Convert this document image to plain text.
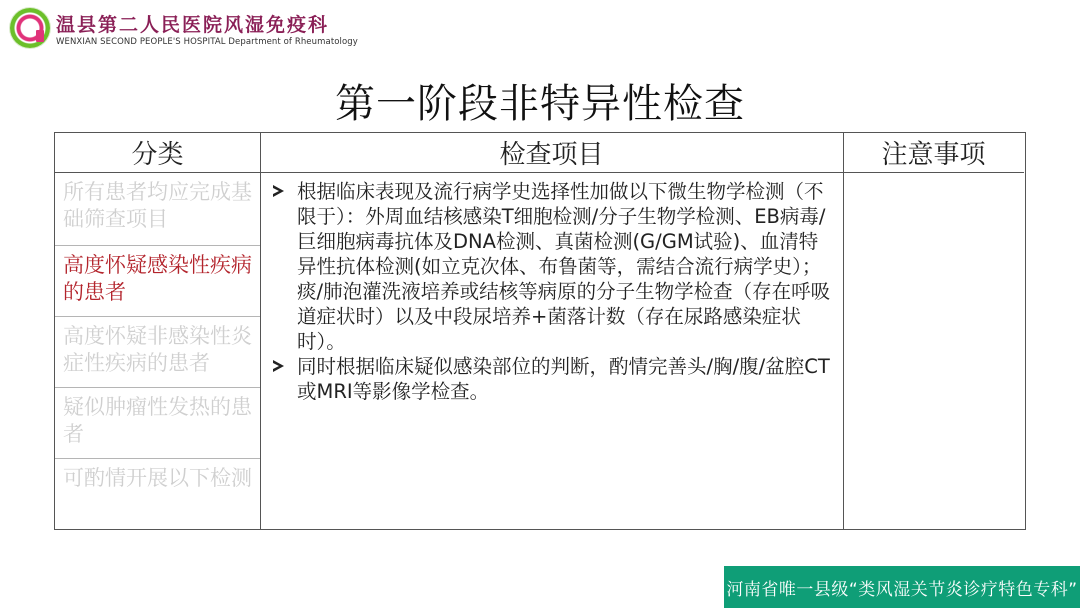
温县第二人民医院风湿免疫科
WENXIAN SECOND PEOPLE'S HOSPITAL Department of Rheumatology
第一阶段非特异性检查
分类	检查项目	注意事项
所有患者均应完成基础筛查项目
高度怀疑感染性疾病的患者
高度怀疑非感染性炎症性疾病的患者
疑似肿瘤性发热的患者
可酌情开展以下检测
根据临床表现及流行病学史选择性加做以下微生物学检测（不限于）：外周血结核感染T细胞检测/分子生物学检测、EB病毒/巨细胞病毒抗体及DNA检测、真菌检测(G/GM试验)、血清特异性抗体检测(如立克次体、布鲁菌等，需结合流行病学史）；痰/肺泡灌洗液培养或结核等病原的分子生物学检查（存在呼吸道症状时）以及中段尿培养+菌落计数（存在尿路感染症状时）。
同时根据临床疑似感染部位的判断，酌情完善头/胸/腹/盆腔CT或MRI等影像学检查。
河南省唯一县级“类风湿关节炎诊疗特色专科”
